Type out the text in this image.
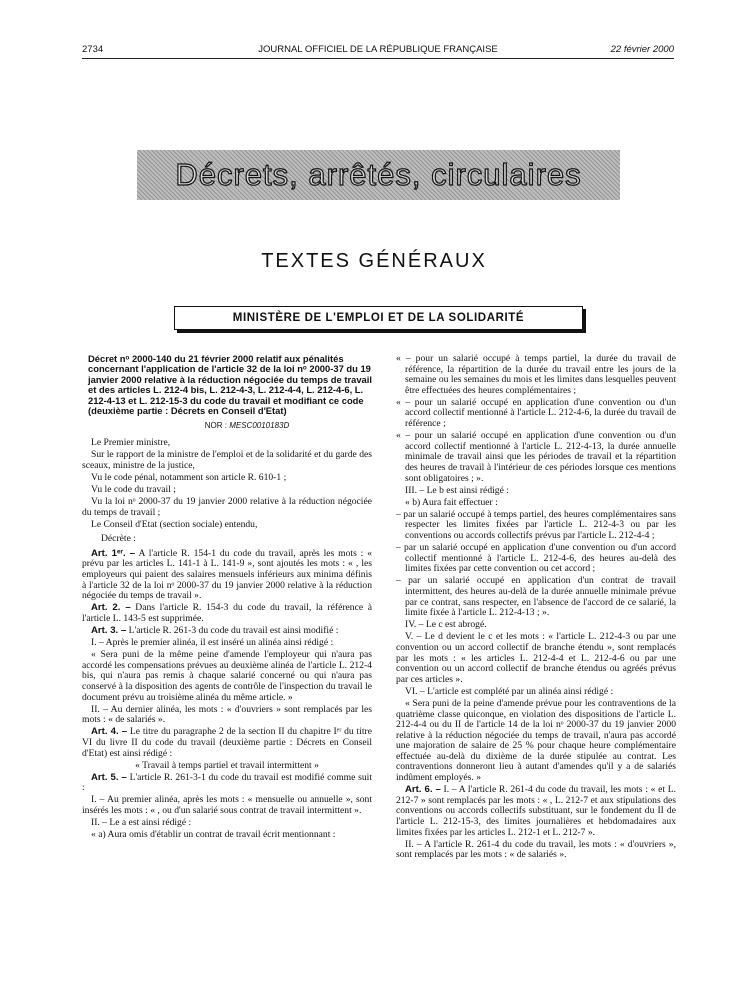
2734	JOURNAL OFFICIEL DE LA RÉPUBLIQUE FRANÇAISE	22 février 2000
Décrets, arrêtés, circulaires
TEXTES GÉNÉRAUX
MINISTÈRE DE L'EMPLOI ET DE LA SOLIDARITÉ
Décret nᵒ 2000-140 du 21 février 2000 relatif aux pénalités concernant l'application de l'article 32 de la loi nᵒ 2000-37 du 19 janvier 2000 relative à la réduction négociée du temps de travail et des articles L. 212-4 bis, L. 212-4-3, L. 212-4-4, L. 212-4-6, L. 212-4-13 et L. 212-15-3 du code du travail et modifiant ce code (deuxième partie : Décrets en Conseil d'Etat)
NOR : MESC0010183D

Le Premier ministre,

Sur le rapport de la ministre de l'emploi et de la solidarité et du garde des sceaux, ministre de la justice,

Vu le code pénal, notamment son article R. 610-1 ;

Vu le code du travail ;

Vu la loi nᵒ 2000-37 du 19 janvier 2000 relative à la réduction négociée du temps de travail ;

Le Conseil d'Etat (section sociale) entendu,

Décrète :

Art. 1ᵉʳ. – A l'article R. 154-1 du code du travail, après les mots : « prévu par les articles L. 141-1 à L. 141-9 », sont ajoutés les mots : « , les employeurs qui paient des salaires mensuels inférieurs aux minima définis à l'article 32 de la loi nᵒ 2000-37 du 19 janvier 2000 relative à la réduction négociée du temps de travail ».

Art. 2. – Dans l'article R. 154-3 du code du travail, la référence à l'article L. 143-5 est supprimée.

Art. 3. – L'article R. 261-3 du code du travail est ainsi modifié :

I. – Après le premier alinéa, il est inséré un alinéa ainsi rédigé :

« Sera puni de la même peine d'amende l'employeur qui n'aura pas accordé les compensations prévues au deuxième alinéa de l'article L. 212-4 bis, qui n'aura pas remis à chaque salarié concerné ou qui n'aura pas conservé à la disposition des agents de contrôle de l'inspection du travail le document prévu au troisième alinéa du même article. »

II. – Au dernier alinéa, les mots : « d'ouvriers » sont remplacés par les mots : « de salariés ».

Art. 4. – Le titre du paragraphe 2 de la section II du chapitre Iᵉʳ du titre VI du livre II du code du travail (deuxième partie : Décrets en Conseil d'Etat) est ainsi rédigé :

« Travail à temps partiel et travail intermittent »

Art. 5. – L'article R. 261-3-1 du code du travail est modifié comme suit :

I. – Au premier alinéa, après les mots : « mensuelle ou annuelle », sont insérés les mots : « , ou d'un salarié sous contrat de travail intermittent ».

II. – Le a est ainsi rédigé :

« a) Aura omis d'établir un contrat de travail écrit mentionnant :

« – pour un salarié occupé à temps partiel, la durée du travail de référence, la répartition de la durée du travail entre les jours de la semaine ou les semaines du mois et les limites dans lesquelles peuvent être effectuées des heures complémentaires ;

« – pour un salarié occupé en application d'une convention ou d'un accord collectif mentionné à l'article L. 212-4-6, la durée du travail de référence ;

« – pour un salarié occupé en application d'une convention ou d'un accord collectif mentionné à l'article L. 212-4-13, la durée annuelle minimale de travail ainsi que les périodes de travail et la répartition des heures de travail à l'intérieur de ces périodes lorsque ces mentions sont obligatoires ; ».

III. – Le b est ainsi rédigé :

« b) Aura fait effectuer :

– par un salarié occupé à temps partiel, des heures complémentaires sans respecter les limites fixées par l'article L. 212-4-3 ou par les conventions ou accords collectifs prévus par l'article L. 212-4-4 ;

– par un salarié occupé en application d'une convention ou d'un accord collectif mentionné à l'article L. 212-4-6, des heures au-delà des limites fixées par cette convention ou cet accord ;

– par un salarié occupé en application d'un contrat de travail intermittent, des heures au-delà de la durée annuelle minimale prévue par ce contrat, sans respecter, en l'absence de l'accord de ce salarié, la limite fixée à l'article L. 212-4-13 ; ».

IV. – Le c est abrogé.

V. – Le d devient le c et les mots : « l'article L. 212-4-3 ou par une convention ou un accord collectif de branche étendu », sont remplacés par les mots : « les articles L. 212-4-4 et L. 212-4-6 ou par une convention ou un accord collectif de branche étendus ou agréés prévus par ces articles ».

VI. – L'article est complété par un alinéa ainsi rédigé :

« Sera puni de la peine d'amende prévue pour les contraventions de la quatrième classe quiconque, en violation des dispositions de l'article L. 212-4-4 ou du II de l'article 14 de la loi nᵒ 2000-37 du 19 janvier 2000 relative à la réduction négociée du temps de travail, n'aura pas accordé une majoration de salaire de 25 % pour chaque heure complémentaire effectuée au-delà du dixième de la durée stipulée au contrat. Les contraventions donneront lieu à autant d'amendes qu'il y a de salariés indûment employés. »

Art. 6. – I. – A l'article R. 261-4 du code du travail, les mots : « et L. 212-7 » sont remplacés par les mots : « , L. 212-7 et aux stipulations des conventions ou accords collectifs substituant, sur le fondement du II de l'article L. 212-15-3, des limites journalières et hebdomadaires aux limites fixées par les articles L. 212-1 et L. 212-7 ».

II. – A l'article R. 261-4 du code du travail, les mots : « d'ouvriers », sont remplacés par les mots : « de salariés ».
